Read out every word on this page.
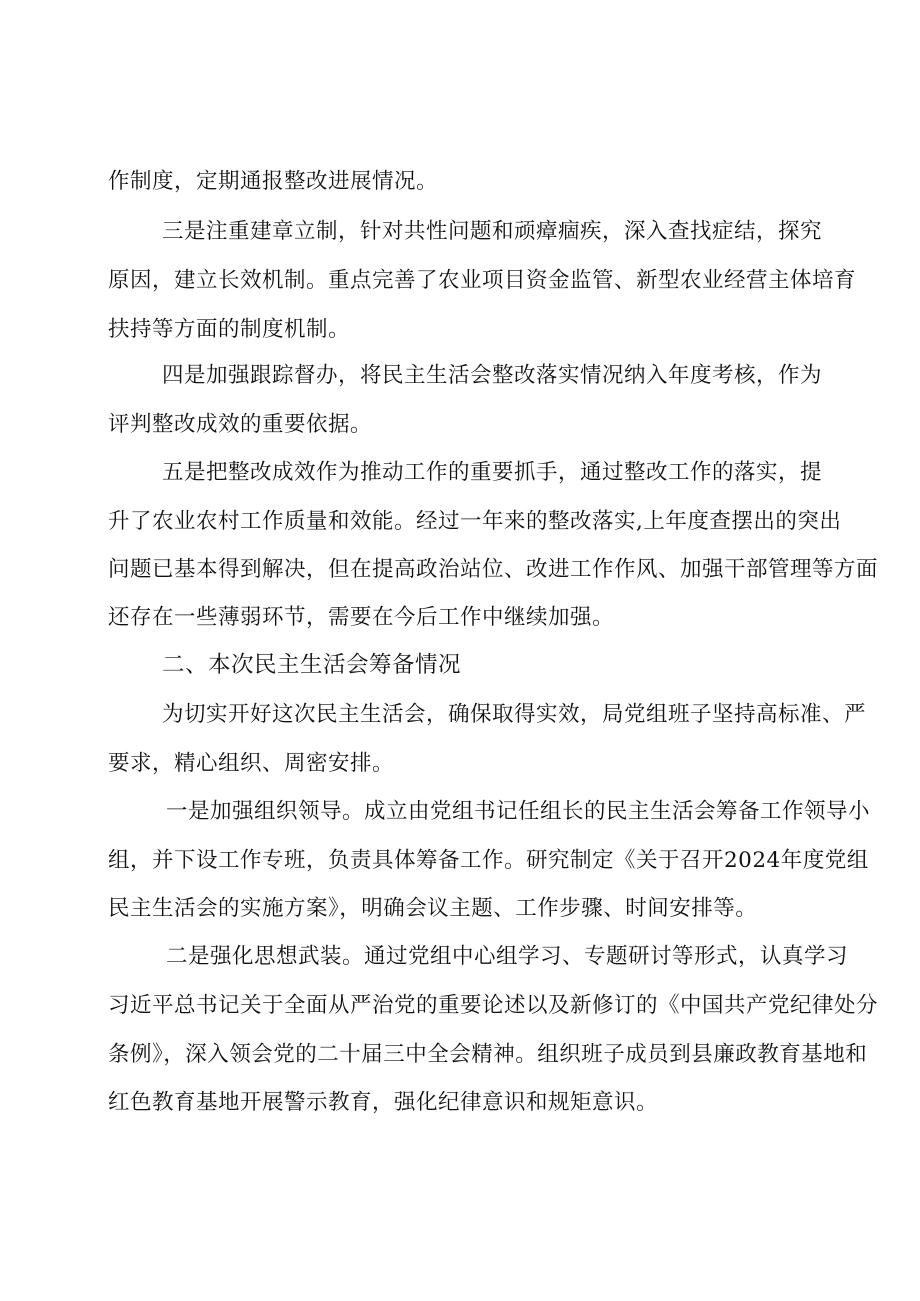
作制度，定期通报整改进展情况。
三是注重建章立制，针对共性问题和顽瘴痼疾，深入查找症结，探究
原因，建立长效机制。重点完善了农业项目资金监管、新型农业经营主体培育
扶持等方面的制度机制。
四是加强跟踪督办，将民主生活会整改落实情况纳入年度考核，作为
评判整改成效的重要依据。
五是把整改成效作为推动工作的重要抓手，通过整改工作的落实，提
升了农业农村工作质量和效能。经过一年来的整改落实,上年度查摆出的突出
问题已基本得到解决，但在提高政治站位、改进工作作风、加强干部管理等方面
还存在一些薄弱环节，需要在今后工作中继续加强。
二、本次民主生活会筹备情况
为切实开好这次民主生活会，确保取得实效，局党组班子坚持高标准、严
要求，精心组织、周密安排。
一是加强组织领导。成立由党组书记任组长的民主生活会筹备工作领导小
组，并下设工作专班，负责具体筹备工作。研究制定《关于召开2024年度党组
民主生活会的实施方案》，明确会议主题、工作步骤、时间安排等。
二是强化思想武装。通过党组中心组学习、专题研讨等形式，认真学习
习近平总书记关于全面从严治党的重要论述以及新修订的《中国共产党纪律处分
条例》，深入领会党的二十届三中全会精神。组织班子成员到县廉政教育基地和
红色教育基地开展警示教育，强化纪律意识和规矩意识。
